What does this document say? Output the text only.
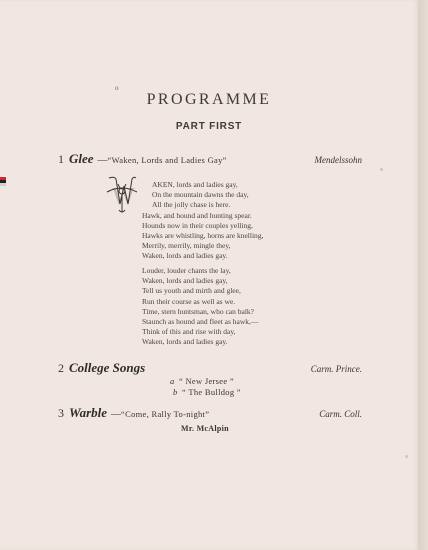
o
PROGRAMME
PART FIRST
1 Glee — “Waken, Lords and Ladies Gay”	Mendelssohn
W AKEN, lords and ladies gay,
On the mountain dawns the day,
All the jolly chase is here.
Hawk, and hound and hunting spear.
Hounds now in their couples yelling,
Hawks are whistling, horns are knelling,
Merrily, merrily, mingle they,
Waken, lords and ladies gay.
Louder, louder chants the lay,
Waken, lords and ladies gay,
Tell us youth and mirth and glee,
Run their course as well as we.
Time, stern huntsman, who can balk?
Staunch as hound and fleet as hawk,—
Think of this and rise with day,
Waken, lords and ladies gay.
2 College Songs	Carm. Prince.
a “ New Jersee ”
b “ The Bulldog ”
3 Warble — “Come, Rally To-night”	Carm. Coll.
Mr. McAlpin
